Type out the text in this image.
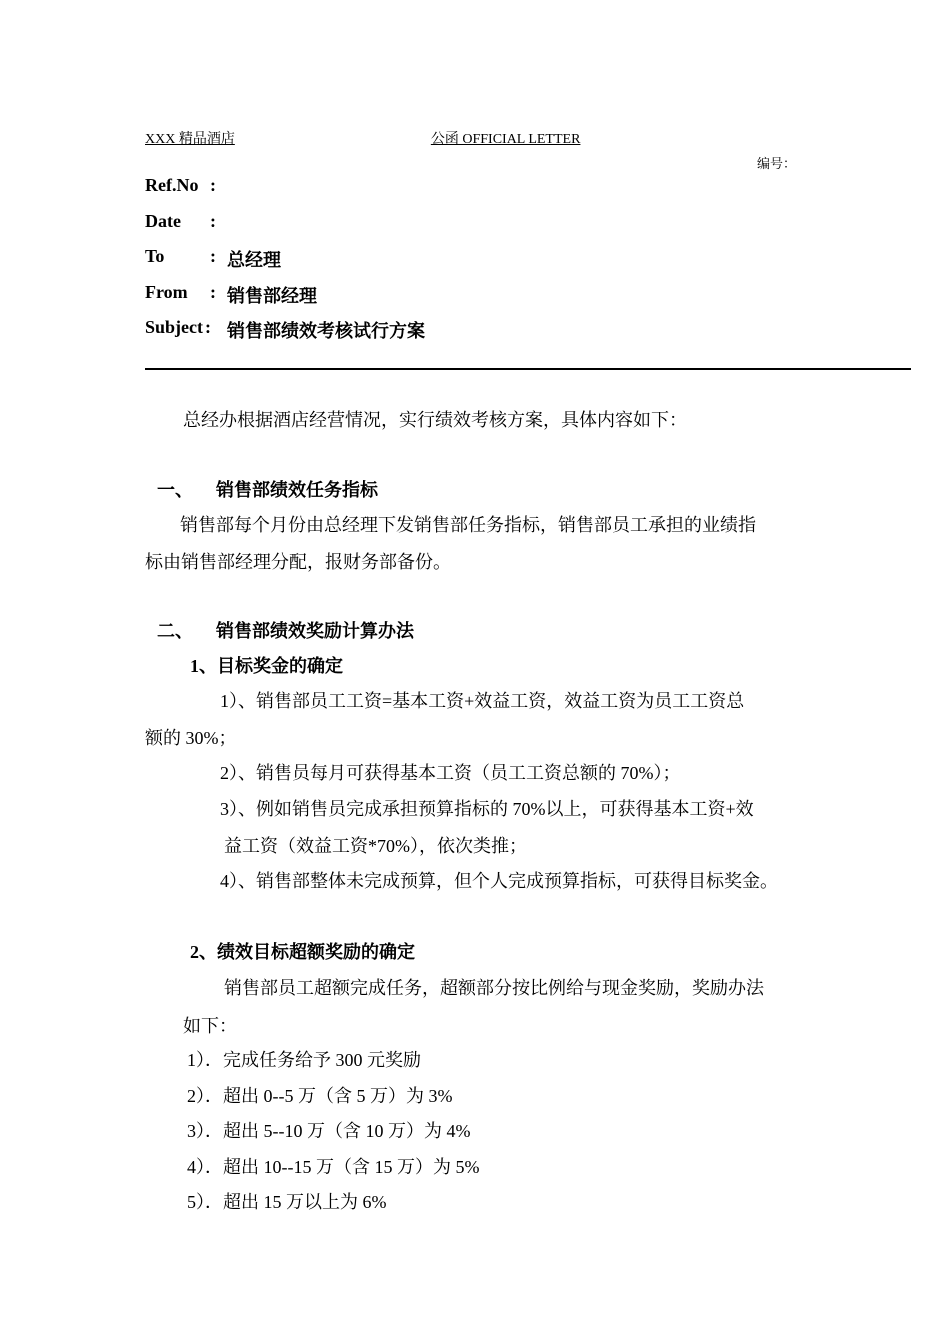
XXX 精品酒店	公函 OFFICIAL LETTER
编号：
Ref.No :
Date :
To	: 总经理
From : 销售部经理
Subject : 销售部绩效考核试行方案
总经办根据酒店经营情况，实行绩效考核方案，具体内容如下：
一、 销售部绩效任务指标
销售部每个月份由总经理下发销售部任务指标，销售部员工承担的业绩指
标由销售部经理分配，报财务部备份。
二、 销售部绩效奖励计算办法
1、目标奖金的确定
1）、销售部员工工资=基本工资+效益工资，效益工资为员工工资总
额的 30%；
2）、销售员每月可获得基本工资（员工工资总额的 70%）；
3）、例如销售员完成承担预算指标的 70%以上，可获得基本工资+效
益工资（效益工资*70%），依次类推；
4）、销售部整体未完成预算，但个人完成预算指标，可获得目标奖金。
2、绩效目标超额奖励的确定
销售部员工超额完成任务，超额部分按比例给与现金奖励，奖励办法
如下：
1）．完成任务给予 300 元奖励
2）．超出 0--5 万（含 5 万）为 3%
3）．超出 5--10 万（含 10 万）为 4%
4）．超出 10--15 万（含 15 万）为 5%
5）．超出 15 万以上为 6%
